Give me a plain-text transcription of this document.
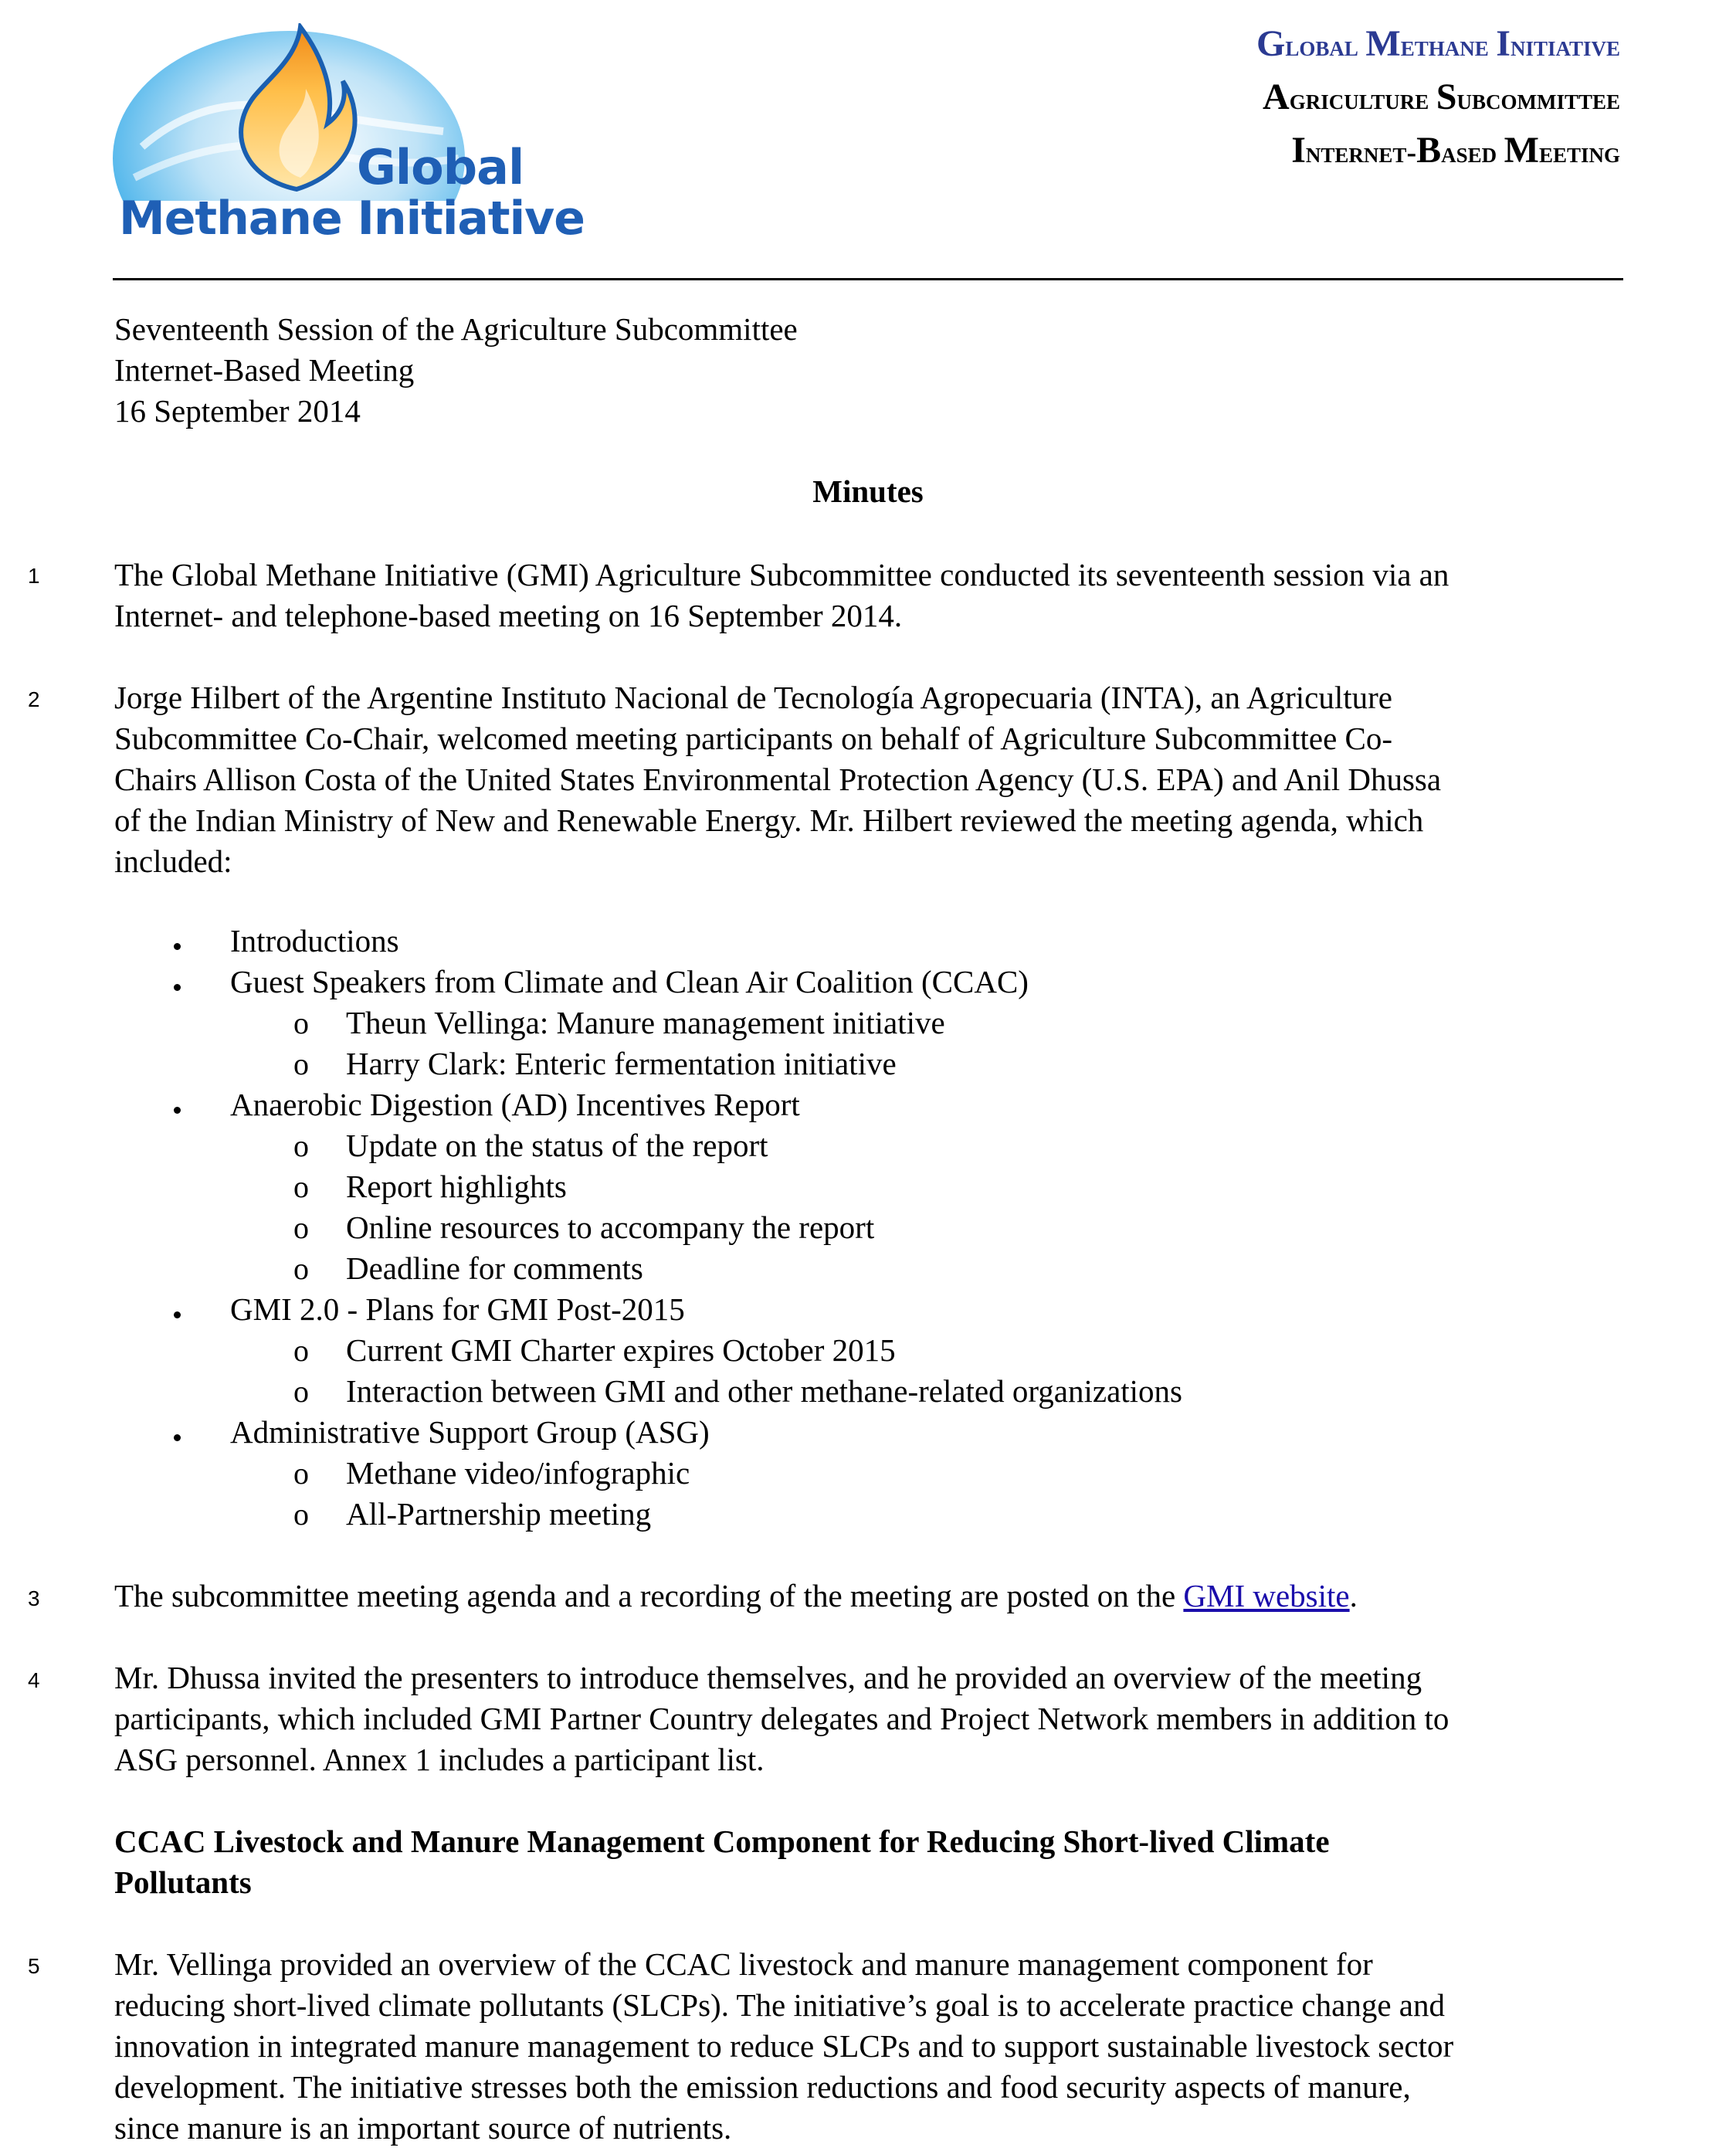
Global
Methane Initiative
Global Methane Initiative
Agriculture Subcommittee
Internet-Based Meeting
Seventeenth Session of the Agriculture Subcommittee
Internet-Based Meeting
16 September 2014
Minutes
1 The Global Methane Initiative (GMI) Agriculture Subcommittee conducted its seventeenth session via an
Internet- and telephone-based meeting on 16 September 2014.
2 Jorge Hilbert of the Argentine Instituto Nacional de Tecnología Agropecuaria (INTA), an Agriculture
Subcommittee Co-Chair, welcomed meeting participants on behalf of Agriculture Subcommittee Co-
Chairs Allison Costa of the United States Environmental Protection Agency (U.S. EPA) and Anil Dhussa
of the Indian Ministry of New and Renewable Energy. Mr. Hilbert reviewed the meeting agenda, which
included:
Introductions
Guest Speakers from Climate and Clean Air Coalition (CCAC)
o Theun Vellinga: Manure management initiative
o Harry Clark: Enteric fermentation initiative
Anaerobic Digestion (AD) Incentives Report
o Update on the status of the report
o Report highlights
o Online resources to accompany the report
o Deadline for comments
GMI 2.0 - Plans for GMI Post-2015
o Current GMI Charter expires October 2015
o Interaction between GMI and other methane-related organizations
Administrative Support Group (ASG)
o Methane video/infographic
o All-Partnership meeting
3 The subcommittee meeting agenda and a recording of the meeting are posted on the GMI website.
4 Mr. Dhussa invited the presenters to introduce themselves, and he provided an overview of the meeting
participants, which included GMI Partner Country delegates and Project Network members in addition to
ASG personnel. Annex 1 includes a participant list.
CCAC Livestock and Manure Management Component for Reducing Short-lived Climate
Pollutants
5 Mr. Vellinga provided an overview of the CCAC livestock and manure management component for
reducing short-lived climate pollutants (SLCPs). The initiative’s goal is to accelerate practice change and
innovation in integrated manure management to reduce SLCPs and to support sustainable livestock sector
development. The initiative stresses both the emission reductions and food security aspects of manure,
since manure is an important source of nutrients.
